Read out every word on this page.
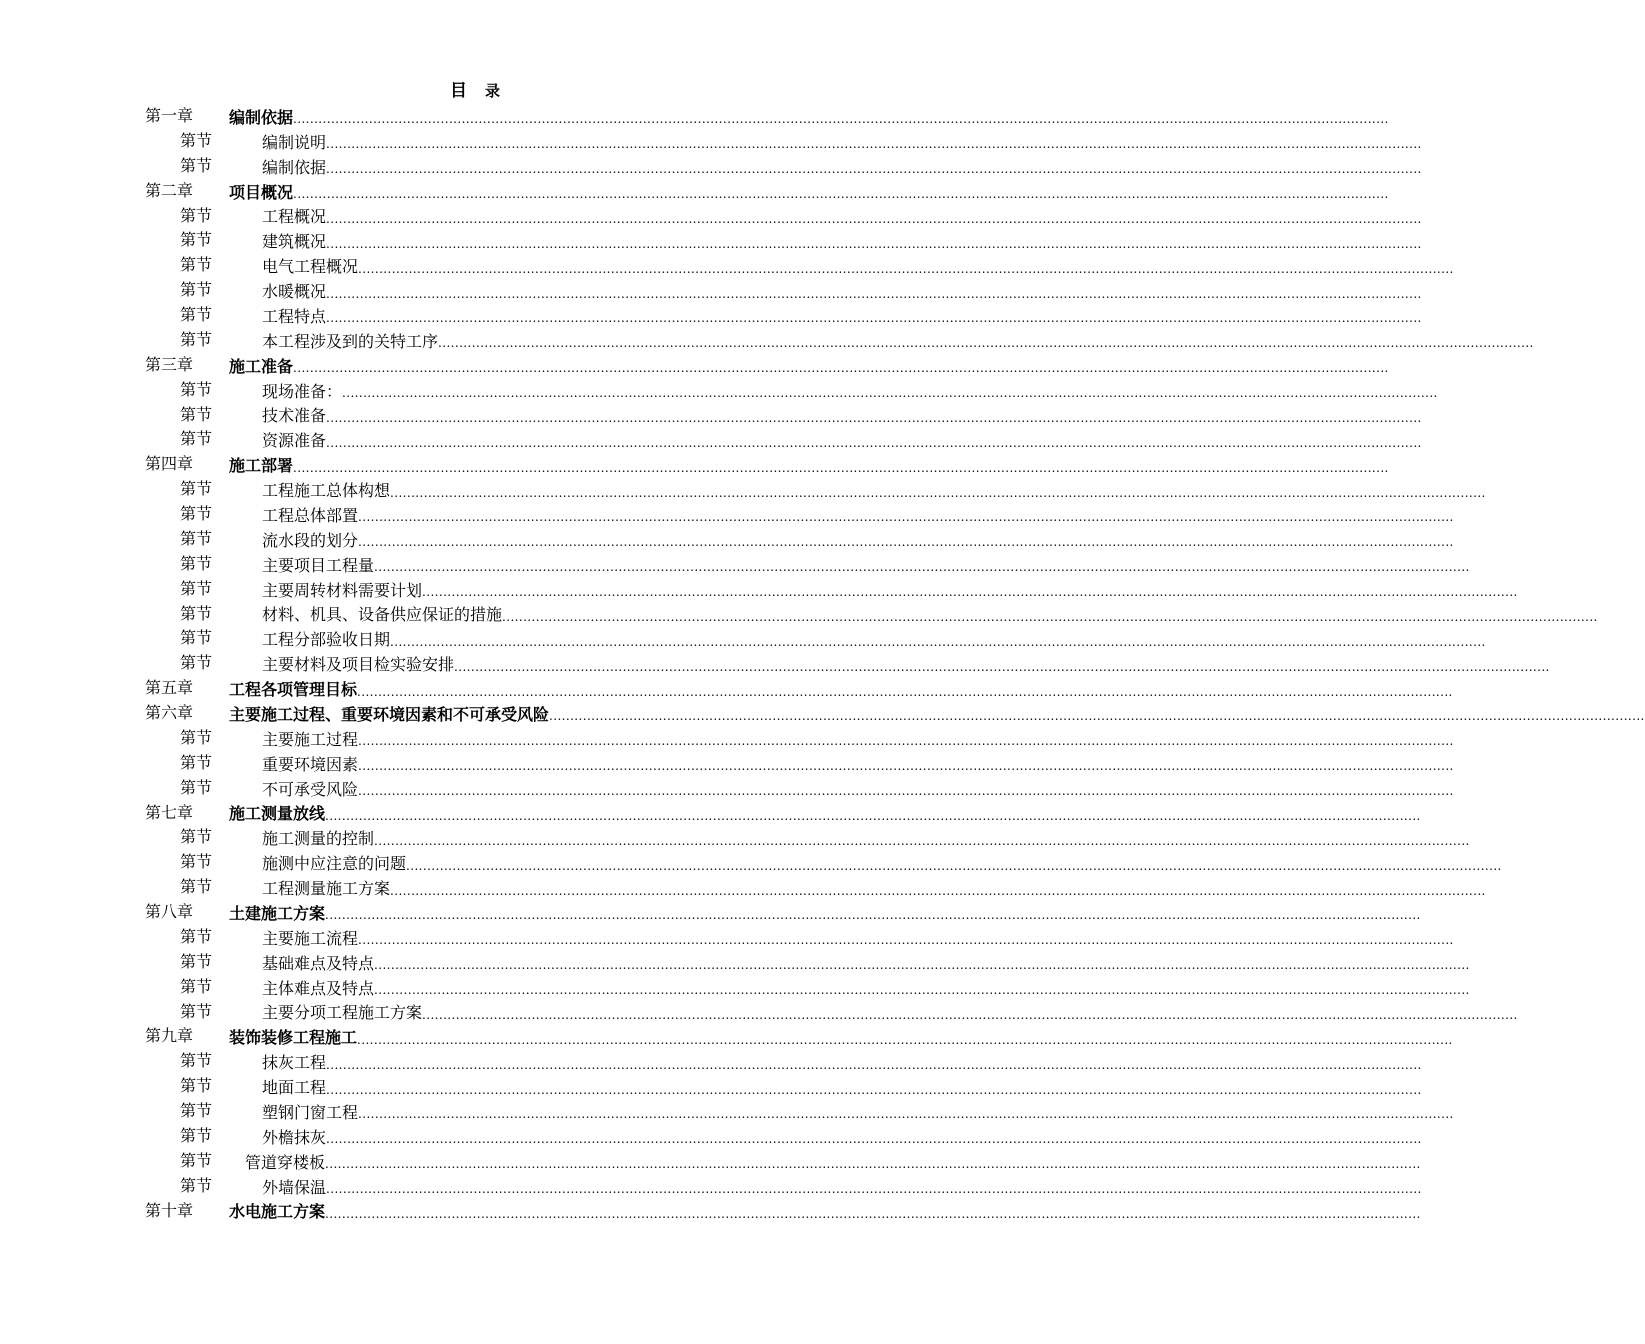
目 录
第一章 编制依据 ....................................................................................................................................................................................................................................................................
第节	编制说明 ....................................................................................................................................................................................................................................................................
第节	编制依据 ....................................................................................................................................................................................................................................................................
第二章 项目概况 ....................................................................................................................................................................................................................................................................
第节	工程概况 ....................................................................................................................................................................................................................................................................
第节	建筑概况 ....................................................................................................................................................................................................................................................................
第节	电气工程概况 ....................................................................................................................................................................................................................................................................
第节	水暖概况 ....................................................................................................................................................................................................................................................................
第节	工程特点 ....................................................................................................................................................................................................................................................................
第节	本工程涉及到的关特工序 ....................................................................................................................................................................................................................................................................
第三章 施工准备 ....................................................................................................................................................................................................................................................................
第节	现场准备： ....................................................................................................................................................................................................................................................................
第节	技术准备 ....................................................................................................................................................................................................................................................................
第节	资源准备 ....................................................................................................................................................................................................................................................................
第四章 施工部署 ....................................................................................................................................................................................................................................................................
第节	工程施工总体构想 ....................................................................................................................................................................................................................................................................
第节	工程总体部置 ....................................................................................................................................................................................................................................................................
第节	流水段的划分 ....................................................................................................................................................................................................................................................................
第节	主要项目工程量 ....................................................................................................................................................................................................................................................................
第节	主要周转材料需要计划 ....................................................................................................................................................................................................................................................................
第节	材料、机具、设备供应保证的措施 ....................................................................................................................................................................................................................................................................
第节	工程分部验收日期 ....................................................................................................................................................................................................................................................................
第节	主要材料及项目检实验安排 ....................................................................................................................................................................................................................................................................
第五章 工程各项管理目标 ....................................................................................................................................................................................................................................................................
第六章 主要施工过程、重要环境因素和不可承受风险 ....................................................................................................................................................................................................................................................................
第节	主要施工过程 ....................................................................................................................................................................................................................................................................
第节	重要环境因素 ....................................................................................................................................................................................................................................................................
第节	不可承受风险 ....................................................................................................................................................................................................................................................................
第七章 施工测量放线 ....................................................................................................................................................................................................................................................................
第节	施工测量的控制 ....................................................................................................................................................................................................................................................................
第节	施测中应注意的问题 ....................................................................................................................................................................................................................................................................
第节	工程测量施工方案 ....................................................................................................................................................................................................................................................................
第八章 土建施工方案 ....................................................................................................................................................................................................................................................................
第节	主要施工流程 ....................................................................................................................................................................................................................................................................
第节	基础难点及特点 ....................................................................................................................................................................................................................................................................
第节	主体难点及特点 ....................................................................................................................................................................................................................................................................
第节	主要分项工程施工方案 ....................................................................................................................................................................................................................................................................
第九章 装饰装修工程施工 ....................................................................................................................................................................................................................................................................
第节	抹灰工程 ....................................................................................................................................................................................................................................................................
第节	地面工程 ....................................................................................................................................................................................................................................................................
第节	塑钢门窗工程 ....................................................................................................................................................................................................................................................................
第节	外檐抹灰 ....................................................................................................................................................................................................................................................................
第节 管道穿楼板 ....................................................................................................................................................................................................................................................................
第节	外墙保温 ....................................................................................................................................................................................................................................................................
第十章 水电施工方案 ....................................................................................................................................................................................................................................................................
